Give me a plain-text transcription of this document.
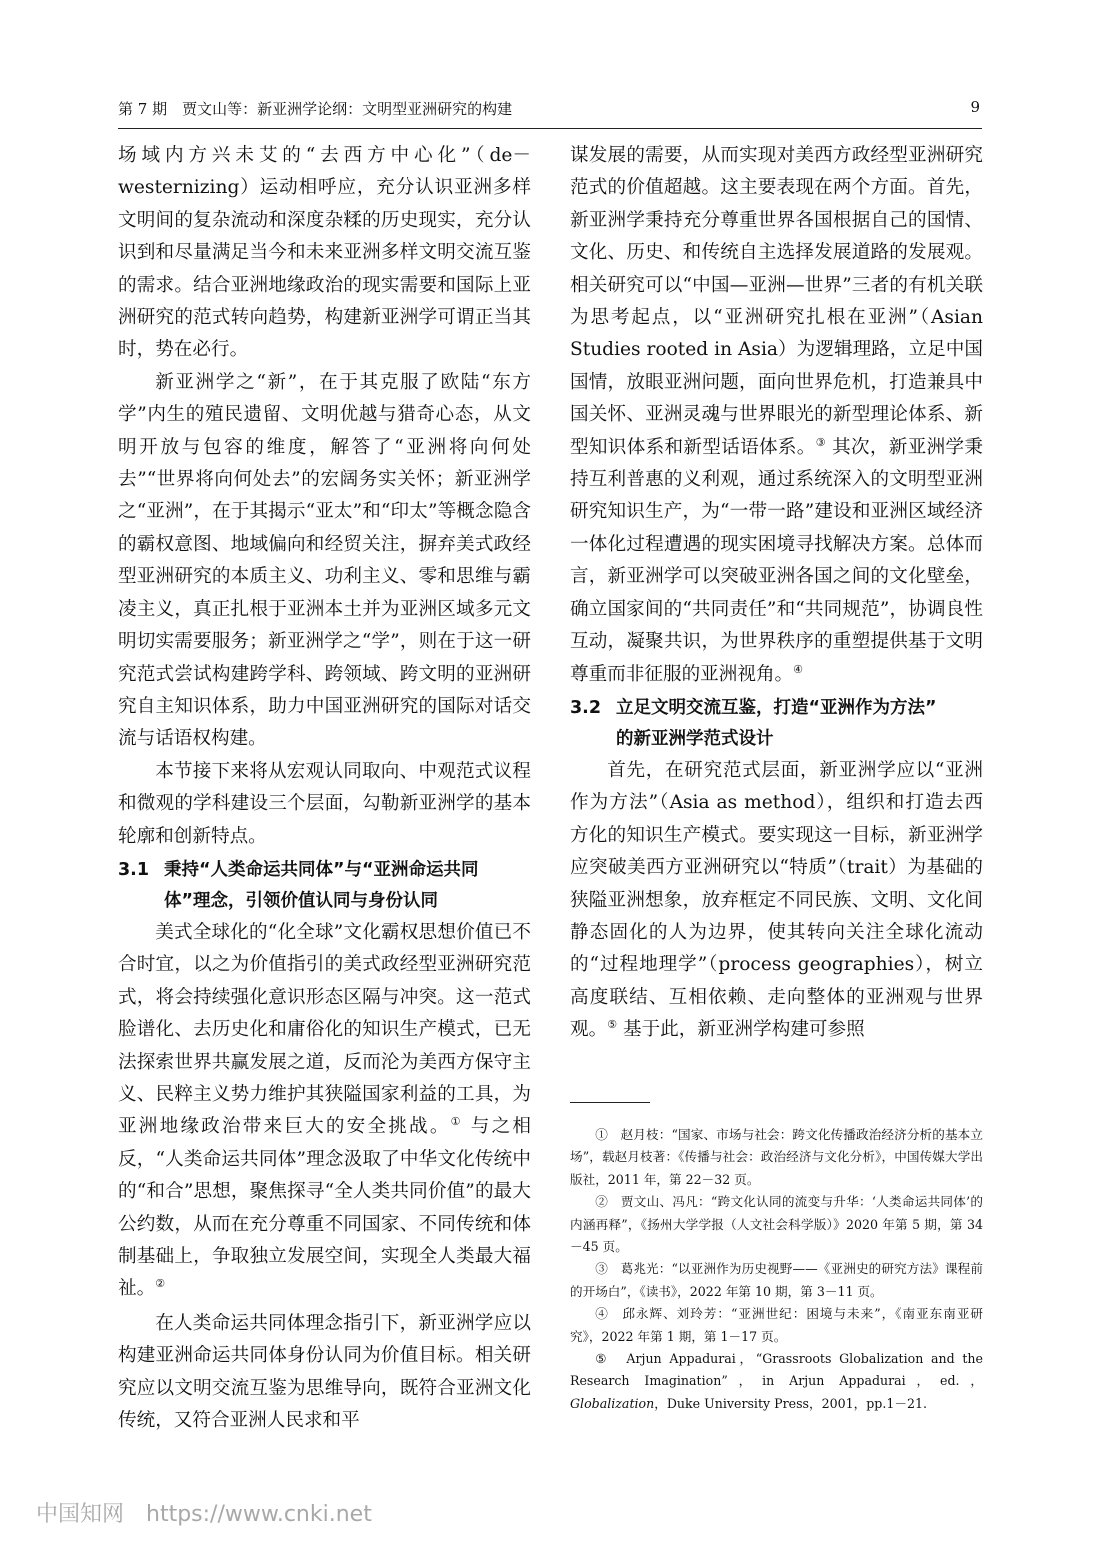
第 7 期　贾文山等：新亚洲学论纲：文明型亚洲研究的构建	9

场域内方兴未艾的“去西方中心化”（de－westernizing）运动相呼应，充分认识亚洲多样文明间的复杂流动和深度杂糅的历史现实，充分认识到和尽量满足当今和未来亚洲多样文明交流互鉴的需求。结合亚洲地缘政治的现实需要和国际上亚洲研究的范式转向趋势，构建新亚洲学可谓正当其时，势在必行。

新亚洲学之“新”，在于其克服了欧陆“东方学”内生的殖民遗留、文明优越与猎奇心态，从文明开放与包容的维度，解答了“亚洲将向何处去”“世界将向何处去”的宏阔务实关怀；新亚洲学之“亚洲”，在于其揭示“亚太”和“印太”等概念隐含的霸权意图、地域偏向和经贸关注，摒弃美式政经型亚洲研究的本质主义、功利主义、零和思维与霸凌主义，真正扎根于亚洲本土并为亚洲区域多元文明切实需要服务；新亚洲学之“学”，则在于这一研究范式尝试构建跨学科、跨领域、跨文明的亚洲研究自主知识体系，助力中国亚洲研究的国际对话交流与话语权构建。

本节接下来将从宏观认同取向、中观范式议程和微观的学科建设三个层面，勾勒新亚洲学的基本轮廓和创新特点。

3.1 秉持“人类命运共同体”与“亚洲命运共同
体”理念，引领价值认同与身份认同

美式全球化的“化全球”文化霸权思想价值已不合时宜，以之为价值指引的美式政经型亚洲研究范式，将会持续强化意识形态区隔与冲突。这一范式脸谱化、去历史化和庸俗化的知识生产模式，已无法探索世界共赢发展之道，反而沦为美西方保守主义、民粹主义势力维护其狭隘国家利益的工具，为亚洲地缘政治带来巨大的安全挑战。① 与之相反，“人类命运共同体”理念汲取了中华文化传统中的“和合”思想，聚焦探寻“全人类共同价值”的最大公约数，从而在充分尊重不同国家、不同传统和体制基础上，争取独立发展空间，实现全人类最大福祉。②

在人类命运共同体理念指引下，新亚洲学应以构建亚洲命运共同体身份认同为价值目标。相关研究应以文明交流互鉴为思维导向，既符合亚洲文化传统，又符合亚洲人民求和平

谋发展的需要，从而实现对美西方政经型亚洲研究范式的价值超越。这主要表现在两个方面。首先，新亚洲学秉持充分尊重世界各国根据自己的国情、文化、历史、和传统自主选择发展道路的发展观。相关研究可以“中国—亚洲—世界”三者的有机关联为思考起点，以“亚洲研究扎根在亚洲”（Asian Studies rooted in Asia）为逻辑理路，立足中国国情，放眼亚洲问题，面向世界危机，打造兼具中国关怀、亚洲灵魂与世界眼光的新型理论体系、新型知识体系和新型话语体系。③ 其次，新亚洲学秉持互利普惠的义利观，通过系统深入的文明型亚洲研究知识生产，为“一带一路”建设和亚洲区域经济一体化过程遭遇的现实困境寻找解决方案。总体而言，新亚洲学可以突破亚洲各国之间的文化壁垒，确立国家间的“共同责任”和“共同规范”，协调良性互动，凝聚共识，为世界秩序的重塑提供基于文明尊重而非征服的亚洲视角。④

3.2 立足文明交流互鉴，打造“亚洲作为方法”
的新亚洲学范式设计

首先，在研究范式层面，新亚洲学应以“亚洲作为方法”（Asia as method），组织和打造去西方化的知识生产模式。要实现这一目标，新亚洲学应突破美西方亚洲研究以“特质”（trait）为基础的狭隘亚洲想象，放弃框定不同民族、文明、文化间静态固化的人为边界，使其转向关注全球化流动的“过程地理学”（process geographies），树立高度联结、互相依赖、走向整体的亚洲观与世界观。⑤ 基于此，新亚洲学构建可参照

①　赵月枝：“国家、市场与社会：跨文化传播政治经济分析的基本立场”，载赵月枝著：《传播与社会：政治经济与文化分析》，中国传媒大学出版社，2011 年，第 22－32 页。

②　贾文山、冯凡：“跨文化认同的流变与升华：‘人类命运共同体’的内涵再释”，《扬州大学学报（人文社会科学版）》2020 年第 5 期，第 34－45 页。

③　葛兆光：“以亚洲作为历史视野——《亚洲史的研究方法》课程前的开场白”，《读书》，2022 年第 10 期，第 3－11 页。

④　邱永辉、刘玲芳：“亚洲世纪：困境与未来”，《南亚东南亚研究》，2022 年第 1 期，第 1－17 页。

⑤　Arjun Appadurai，“Grassroots Globalization and the Research Imagination”，in Arjun Appadurai，ed.，Globalization，Duke University Press，2001，pp.1－21.

中国知网 https://www.cnki.net
